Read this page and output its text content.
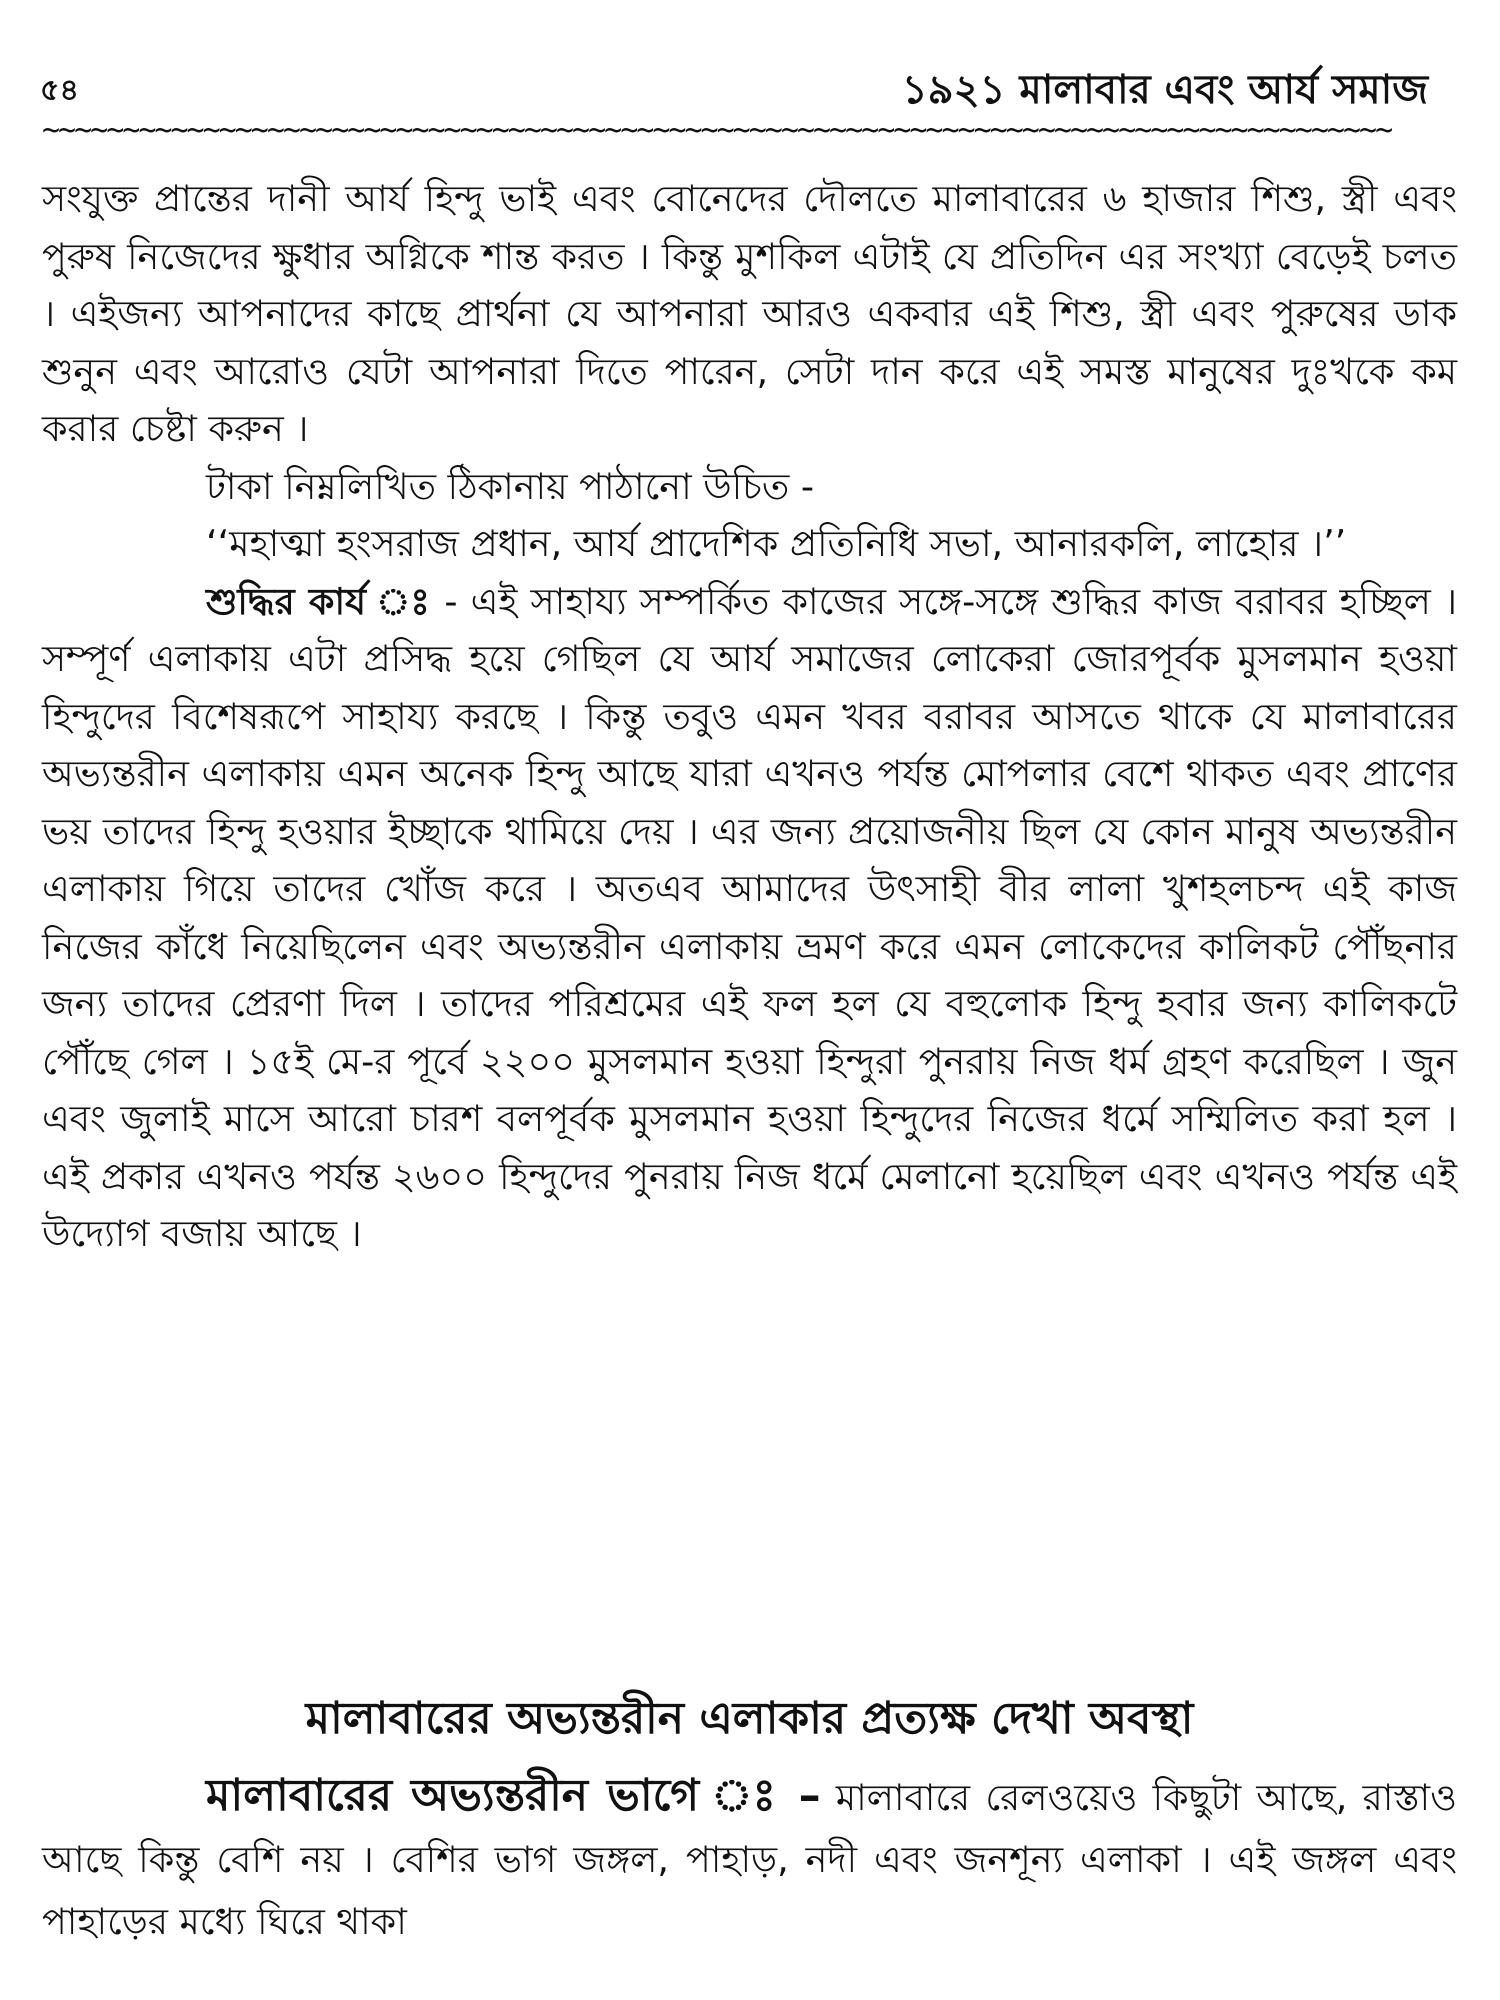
৫৪	১৯২১ মালাবার এবং আর্য সমাজ
~~~~~~~~~~~~~~~~~~~~~~~~~~~~~~~~~~~~~~~~~~~~~~~~~~~~~~~~~~~~~~~~~~~~~~~~~~~~~~~~~~~~

সংযুক্ত প্রান্তের দানী আর্য হিন্দু ভাই এবং বোনেদের দৌলতে মালাবারের ৬ হাজার শিশু, স্ত্রী এবং পুরুষ নিজেদের ক্ষুধার অগ্নিকে শান্ত করত । কিন্তু মুশকিল এটাই যে প্রতিদিন এর সংখ্যা বেড়েই চলত । এইজন্য আপনাদের কাছে প্রার্থনা যে আপনারা আরও একবার এই শিশু, স্ত্রী এবং পুরুষের ডাক শুনুন এবং আরোও যেটা আপনারা দিতে পারেন, সেটা দান করে এই সমস্ত মানুষের দুঃখকে কম করার চেষ্টা করুন ।

টাকা নিম্নলিখিত ঠিকানায় পাঠানো উচিত -

‘‘মহাত্মা হংসরাজ প্রধান, আর্য প্রাদেশিক প্রতিনিধি সভা, আনারকলি, লাহোর ।’’

শুদ্ধির কার্য ঃ - এই সাহায্য সম্পর্কিত কাজের সঙ্গে-সঙ্গে শুদ্ধির কাজ বরাবর হচ্ছিল । সম্পূর্ণ এলাকায় এটা প্রসিদ্ধ হয়ে গেছিল যে আর্য সমাজের লোকেরা জোরপূর্বক মুসলমান হওয়া হিন্দুদের বিশেষরূপে সাহায্য করছে । কিন্তু তবুও এমন খবর বরাবর আসতে থাকে যে মালাবারের অভ্যন্তরীন এলাকায় এমন অনেক হিন্দু আছে যারা এখনও পর্যন্ত মোপলার বেশে থাকত এবং প্রাণের ভয় তাদের হিন্দু হওয়ার ইচ্ছাকে থামিয়ে দেয় । এর জন্য প্রয়োজনীয় ছিল যে কোন মানুষ অভ্যন্তরীন এলাকায় গিয়ে তাদের খোঁজ করে । অতএব আমাদের উৎসাহী বীর লালা খুশহলচন্দ এই কাজ নিজের কাঁধে নিয়েছিলেন এবং অভ্যন্তরীন এলাকায় ভ্রমণ করে এমন লোকেদের কালিকট পৌঁছনার জন্য তাদের প্রেরণা দিল । তাদের পরিশ্রমের এই ফল হল যে বহুলোক হিন্দু হবার জন্য কালিকটে পৌঁছে গেল । ১৫ই মে-র পূর্বে ২২০০ মুসলমান হওয়া হিন্দুরা পুনরায় নিজ ধর্ম গ্রহণ করেছিল । জুন এবং জুলাই মাসে আরো চারশ বলপূর্বক মুসলমান হওয়া হিন্দুদের নিজের ধর্মে সম্মিলিত করা হল । এই প্রকার এখনও পর্যন্ত ২৬০০ হিন্দুদের পুনরায় নিজ ধর্মে মেলানো হয়েছিল এবং এখনও পর্যন্ত এই উদ্যোগ বজায় আছে ।

মালাবারের অভ্যন্তরীন এলাকার প্রত্যক্ষ দেখা অবস্থা

মালাবারের অভ্যন্তরীন ভাগে ঃ – মালাবারে রেলওয়েও কিছুটা আছে, রাস্তাও আছে কিন্তু বেশি নয় । বেশির ভাগ জঙ্গল, পাহাড়, নদী এবং জনশূন্য এলাকা । এই জঙ্গল এবং পাহাড়ের মধ্যে ঘিরে থাকা
